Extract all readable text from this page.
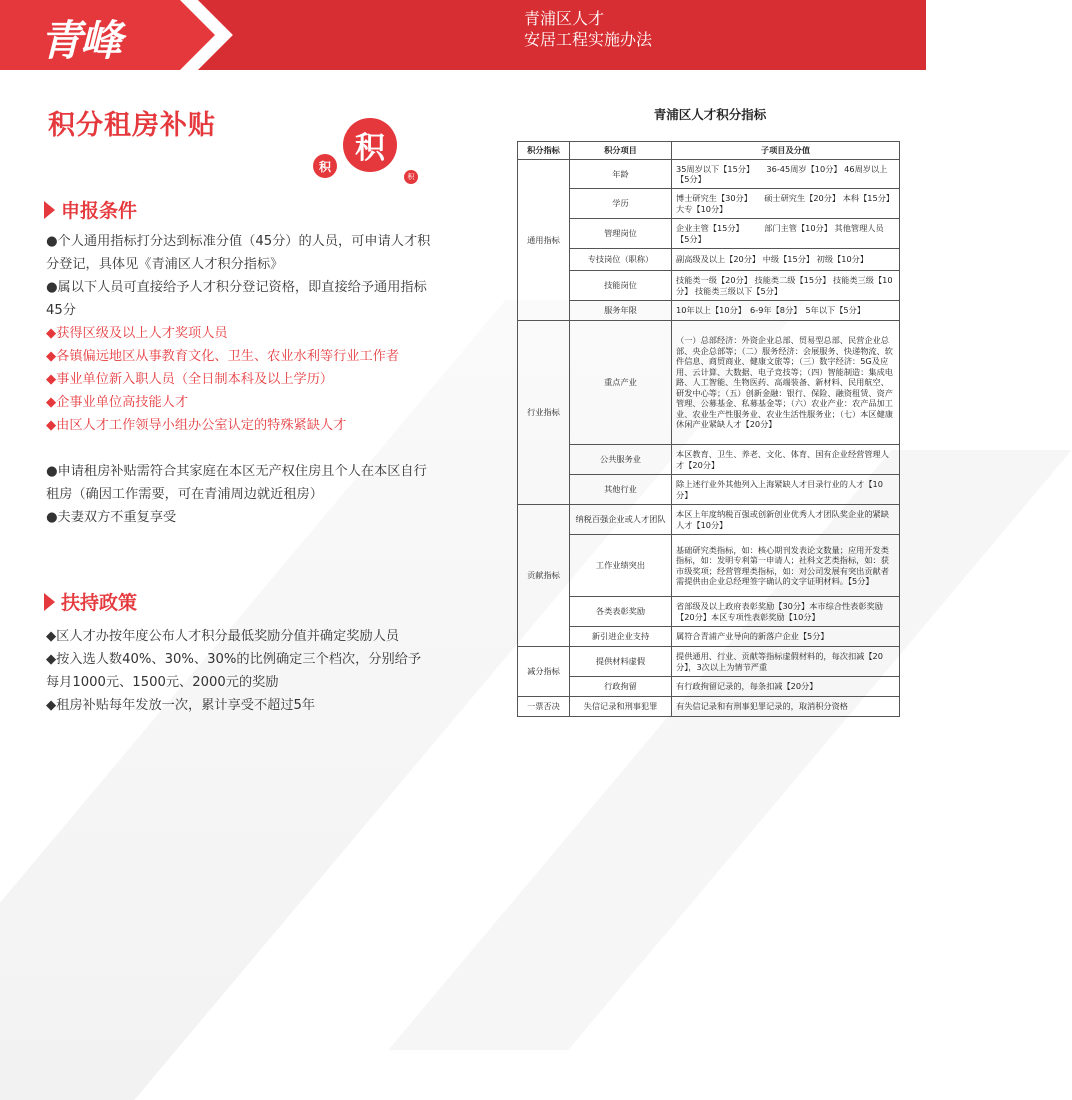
青峰	青浦区人才
安居工程实施办法
积分租房补贴
积
积
积
申报条件
●个人通用指标打分达到标准分值（45分）的人员，可申请人才积分登记，具体见《青浦区人才积分指标》
●属以下人员可直接给予人才积分登记资格，即直接给予通用指标45分
◆获得区级及以上人才奖项人员
◆各镇偏远地区从事教育文化、卫生、农业水利等行业工作者
◆事业单位新入职人员（全日制本科及以上学历）
◆企事业单位高技能人才
◆由区人才工作领导小组办公室认定的特殊紧缺人才
●申请租房补贴需符合其家庭在本区无产权住房且个人在本区自行租房（确因工作需要，可在青浦周边就近租房）
●夫妻双方不重复享受
扶持政策
◆区人才办按年度公布人才积分最低奖励分值并确定奖励人员
◆按入选人数40%、30%、30%的比例确定三个档次，分别给予每月1000元、1500元、2000元的奖励
◆租房补贴每年发放一次，累计享受不超过5年
青浦区人才积分指标
积分指标	积分项目	子项目及分值
通用指标	年龄	35周岁以下【15分】　　36-45周岁【10分】 46周岁以上【5分】
	学历	博士研究生【30分】　　硕士研究生【20分】 本科【15分】　　　　　大专【10分】
	管理岗位	企业主管【15分】　　　部门主管【10分】 其他管理人员【5分】
	专技岗位（职称）	副高级及以上【20分】 中级【15分】 初级【10分】
	技能岗位	技能类一级【20分】 技能类二级【15分】 技能类三级【10分】 技能类三级以下【5分】
	服务年限	10年以上【10分】　6-9年【8分】　5年以下【5分】
行业指标	重点产业	（一）总部经济：外资企业总部、贸易型总部、民营企业总部、央企总部等；（二）服务经济：会展服务、快递物流、软件信息、商贸商业、健康文旅等；（三）数字经济：5G及应用、云计算、大数据、电子竞技等；（四）智能制造：集成电路、人工智能、生物医药、高端装备、新材料、民用航空、研发中心等；（五）创新金融：银行、保险、融资租赁、资产管理、公募基金、私募基金等；（六）农业产业：农产品加工业、农业生产性服务业、农业生活性服务业；（七）本区健康休闲产业紧缺人才【20分】
	公共服务业	本区教育、卫生、养老、文化、体育、国有企业经营管理人才【20分】
	其他行业	除上述行业外其他列入上海紧缺人才目录行业的人才【10分】
贡献指标	纳税百强企业或人才团队	本区上年度纳税百强或创新创业优秀人才团队奖企业的紧缺人才【10分】
	工作业绩突出	基础研究类指标，如：核心期刊发表论文数量；应用开发类指标，如：发明专利第一申请人；社科文艺类指标，如：获市级奖项；经营管理类指标，如：对公司发展有突出贡献者需提供由企业总经理签字确认的文字证明材料。【5分】
	各类表彰奖励	省部级及以上政府表彰奖励【30分】本市综合性表彰奖励【20分】本区专项性表彰奖励【10分】
	新引进企业支持	属符合青浦产业导向的新落户企业【5分】
减分指标	提供材料虚假	提供通用、行业、贡献等指标虚假材料的，每次扣减【20分】，3次以上为情节严重
	行政拘留	有行政拘留记录的，每条扣减【20分】
一票否决	失信记录和刑事犯罪	有失信记录和有刑事犯罪记录的，取消积分资格
